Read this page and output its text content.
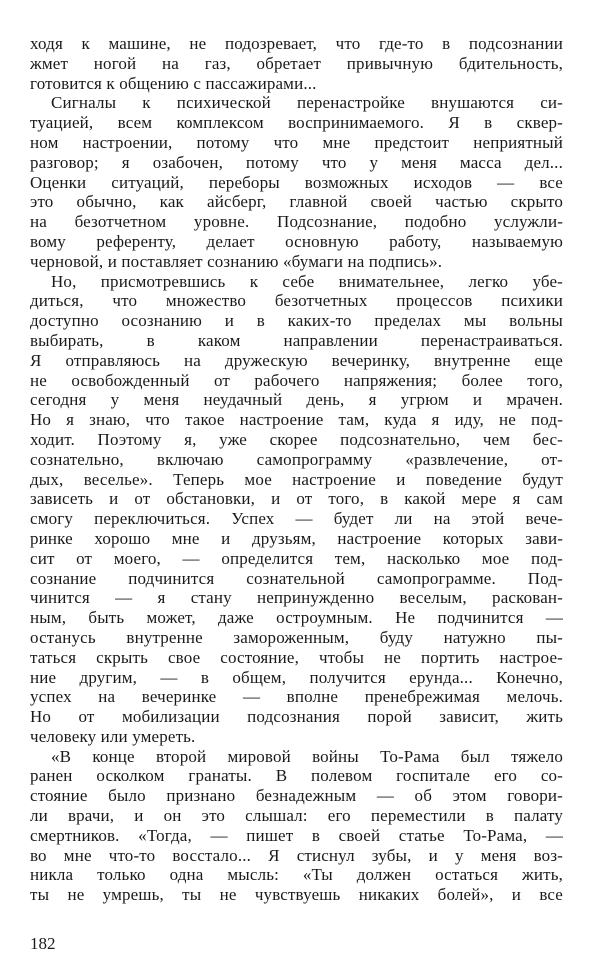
ходя к машине, не подозревает, что где-то в подсознании
жмет ногой на газ, обретает привычную бдительность,
готовится к общению с пассажирами...
Сигналы к психической перенастройке внушаются си-
туацией, всем комплексом воспринимаемого. Я в сквер-
ном настроении, потому что мне предстоит неприятный
разговор; я озабочен, потому что у меня масса дел...
Оценки ситуаций, переборы возможных исходов — все
это обычно, как айсберг, главной своей частью скрыто
на безотчетном уровне. Подсознание, подобно услужли-
вому референту, делает основную работу, называемую
черновой, и поставляет сознанию «бумаги на подпись».
Но, присмотревшись к себе внимательнее, легко убе-
диться, что множество безотчетных процессов психики
доступно осознанию и в каких-то пределах мы вольны
выбирать, в каком направлении перенастраиваться.
Я отправляюсь на дружескую вечеринку, внутренне еще
не освобожденный от рабочего напряжения; более того,
сегодня у меня неудачный день, я угрюм и мрачен.
Но я знаю, что такое настроение там, куда я иду, не под-
ходит. Поэтому я, уже скорее подсознательно, чем бес-
сознательно, включаю самопрограмму «развлечение, от-
дых, веселье». Теперь мое настроение и поведение будут
зависеть и от обстановки, и от того, в какой мере я сам
смогу переключиться. Успех — будет ли на этой вече-
ринке хорошо мне и друзьям, настроение которых зави-
сит от моего, — определится тем, насколько мое под-
сознание подчинится сознательной самопрограмме. Под-
чинится — я стану непринужденно веселым, раскован-
ным, быть может, даже остроумным. Не подчинится —
останусь внутренне замороженным, буду натужно пы-
таться скрыть свое состояние, чтобы не портить настрое-
ние другим, — в общем, получится ерунда... Конечно,
успех на вечеринке — вполне пренебрежимая мелочь.
Но от мобилизации подсознания порой зависит, жить
человеку или умереть.
«В конце второй мировой войны То-Рама был тяжело
ранен осколком гранаты. В полевом госпитале его со-
стояние было признано безнадежным — об этом говори-
ли врачи, и он это слышал: его переместили в палату
смертников. «Тогда, — пишет в своей статье То-Рама, —
во мне что-то восстало... Я стиснул зубы, и у меня воз-
никла только одна мысль: «Ты должен остаться жить,
ты не умрешь, ты не чувствуешь никаких болей», и все
182
